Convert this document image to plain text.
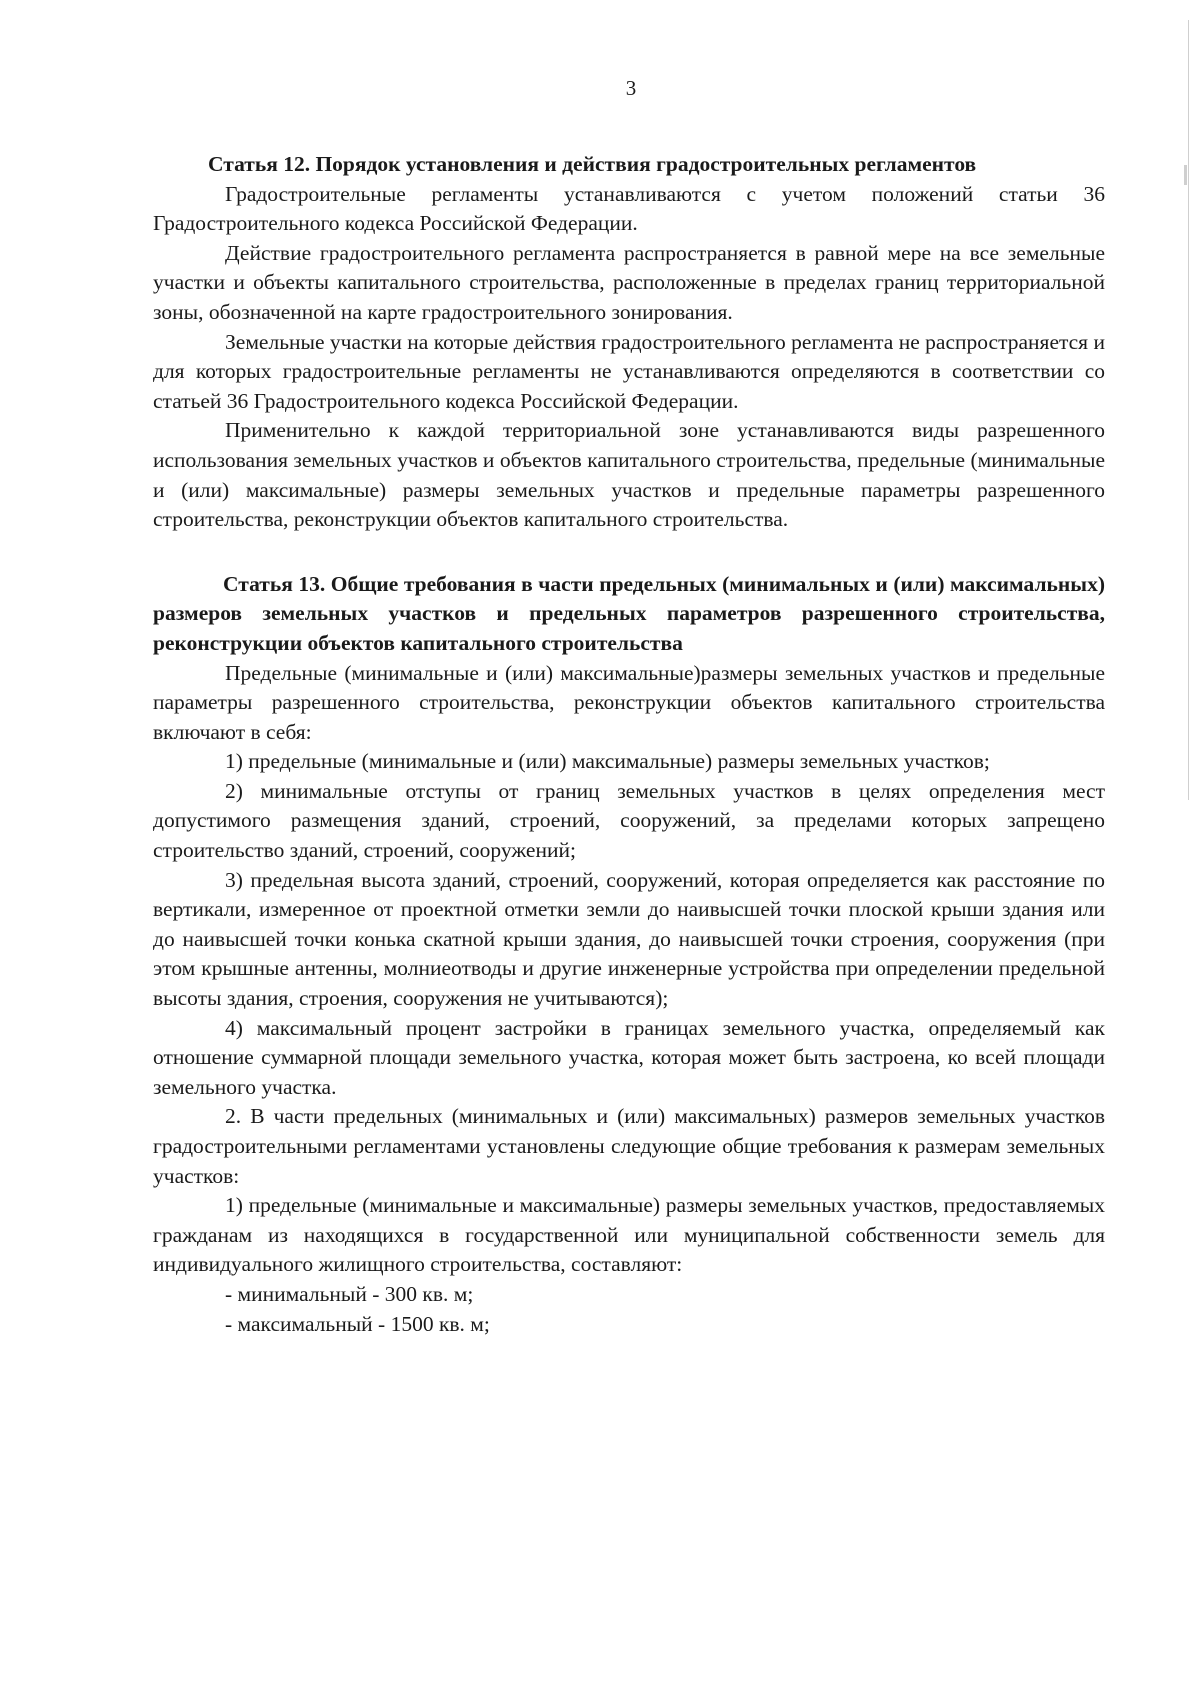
3

Статья 12. Порядок установления и действия градостроительных регламентов

Градостроительные регламенты устанавливаются с учетом положений статьи 36 Градостроительного кодекса Российской Федерации.

Действие градостроительного регламента распространяется в равной мере на все земельные участки и объекты капитального строительства, расположенные в пределах границ территориальной зоны, обозначенной на карте градостроительного зонирования.

Земельные участки на которые действия градостроительного регламента не распространяется и для которых градостроительные регламенты не устанавливаются определяются в соответствии со статьей 36 Градостроительного кодекса Российской Федерации.

Применительно к каждой территориальной зоне устанавливаются виды разрешенного использования земельных участков и объектов капитального строительства, предельные (минимальные и (или) максимальные) размеры земельных участков и предельные параметры разрешенного строительства, реконструкции объектов капитального строительства.

Статья 13. Общие требования в части предельных (минимальных и (или) максимальных) размеров земельных участков и предельных параметров разрешенного строительства, реконструкции объектов капитального строительства

Предельные (минимальные и (или) максимальные)размеры земельных участков и предельные параметры разрешенного строительства, реконструкции объектов капитального строительства включают в себя:

1) предельные (минимальные и (или) максимальные) размеры земельных участков;

2) минимальные отступы от границ земельных участков в целях определения мест допустимого размещения зданий, строений, сооружений, за пределами которых запрещено строительство зданий, строений, сооружений;

3) предельная высота зданий, строений, сооружений, которая определяется как расстояние по вертикали, измеренное от проектной отметки земли до наивысшей точки плоской крыши здания или до наивысшей точки конька скатной крыши здания, до наивысшей точки строения, сооружения (при этом крышные антенны, молниеотводы и другие инженерные устройства при определении предельной высоты здания, строения, сооружения не учитываются);

4) максимальный процент застройки в границах земельного участка, определяемый как отношение суммарной площади земельного участка, которая может быть застроена, ко всей площади земельного участка.

2. В части предельных (минимальных и (или) максимальных) размеров земельных участков градостроительными регламентами установлены следующие общие требования к размерам земельных участков:

1) предельные (минимальные и максимальные) размеры земельных участков, предоставляемых гражданам из находящихся в государственной или муниципальной собственности земель для индивидуального жилищного строительства, составляют:

- минимальный - 300 кв. м;

- максимальный - 1500 кв. м;
